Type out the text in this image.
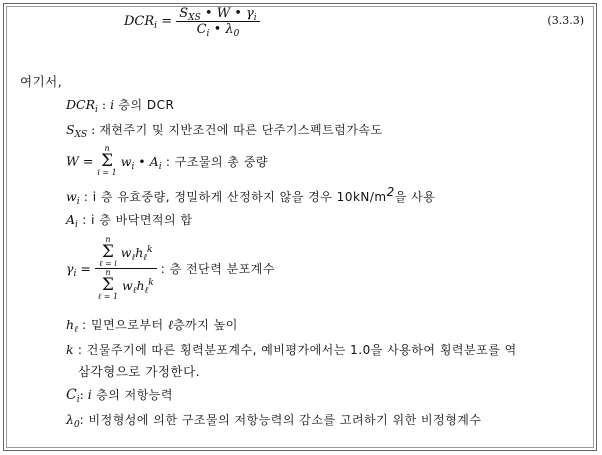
$DCR_i = \frac{S_{XS} • W • \gamma_i}{C_i • \lambda_0}$	(3.3.3)
여기서,
$DCR_i$ : i 층의 DCR
$S_{XS}$ : 재현주기 및 지반조건에 따른 단주기스펙트럼가속도
W =
n
Σ
i = 1
$w_i$ • $A_i$ : 구조물의 총 중량
$w_i$ : i 층 유효중량, 정밀하게 산정하지 않을 경우 10kN/m2을 사용
$A_i$ : i 층 바닥면적의 합
$\gamma_i = n$
Σ
ℓ = i
$w_\ell h_\ell^k$
n
Σ
ℓ = 1
$w_\ell h_\ell^k$ : 층 전단력 분포계수
$h_\ell$ : 밑면으로부터 ℓ층까지 높이
k : 건물주기에 따른 횡력분포계수, 예비평가에서는 1.0을 사용하여 횡력분포를 역
삼각형으로 가정한다.
$C_i$: i 층의 저항능력
$\lambda_0$: 비정형성에 의한 구조물의 저항능력의 감소를 고려하기 위한 비정형계수
